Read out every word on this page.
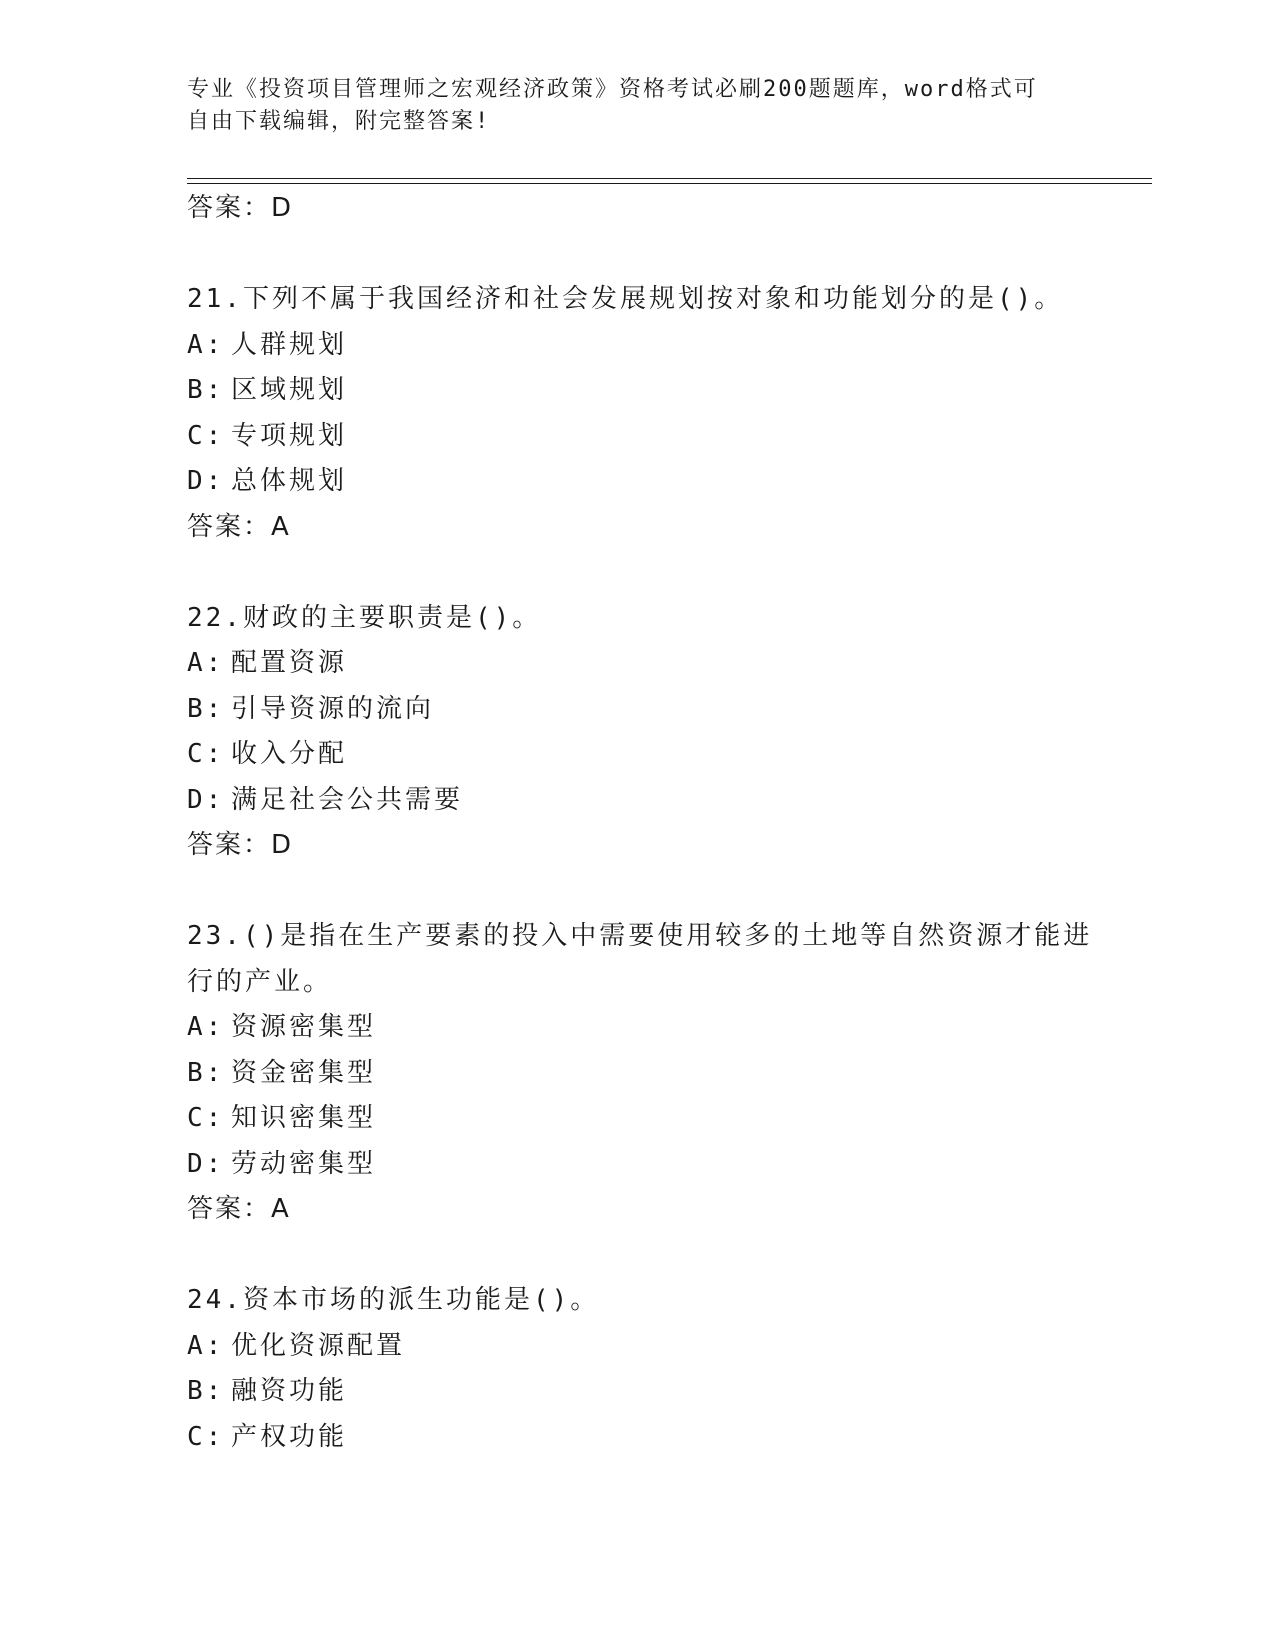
专业《投资项目管理师之宏观经济政策》资格考试必刷200题题库，word格式可
自由下载编辑，附完整答案!
答案：D
21.下列不属于我国经济和社会发展规划按对象和功能划分的是()。
A: 人群规划
B: 区域规划
C: 专项规划
D: 总体规划
答案：A
22.财政的主要职责是()。
A: 配置资源
B: 引导资源的流向
C: 收入分配
D: 满足社会公共需要
答案：D
23.()是指在生产要素的投入中需要使用较多的土地等自然资源才能进
行的产业。
A: 资源密集型
B: 资金密集型
C: 知识密集型
D: 劳动密集型
答案：A
24.资本市场的派生功能是()。
A: 优化资源配置
B: 融资功能
C: 产权功能
